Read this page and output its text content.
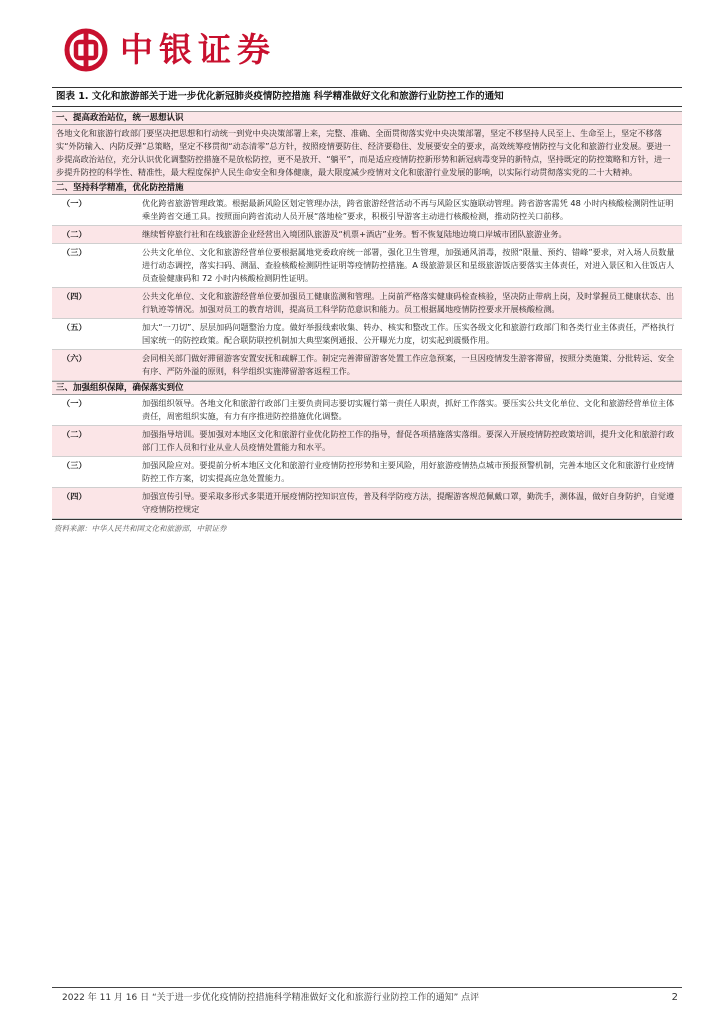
中银证券
图表 1. 文化和旅游部关于进一步优化新冠肺炎疫情防控措施 科学精准做好文化和旅游行业防控工作的通知
一、提高政治站位，统一思想认识
各地文化和旅游行政部门要坚决把思想和行动统一到党中央决策部署上来，完整、准确、全面贯彻落实党中央决策部署，坚定不移坚持人民至上、生命至上，坚定不移落实“外防输入、内防反弹”总策略，坚定不移贯彻“动态清零”总方针，按照疫情要防住、经济要稳住、发展要安全的要求，高效统筹疫情防控与文化和旅游行业发展。要进一步提高政治站位，充分认识优化调整防控措施不是放松防控，更不是放开、“躺平”，而是适应疫情防控新形势和新冠病毒变异的新特点，坚持既定的防控策略和方针，进一步提升防控的科学性、精准性，最大程度保护人民生命安全和身体健康，最大限度减少疫情对文化和旅游行业发展的影响，以实际行动贯彻落实党的二十大精神。
二、坚持科学精准，优化防控措施
（一）	优化跨省旅游管理政策。根据最新风险区划定管理办法，跨省旅游经营活动不再与风险区实施联动管理。跨省游客需凭 48 小时内核酸检测阴性证明乘坐跨省交通工具。按照面向跨省流动人员开展“落地检”要求，积极引导游客主动进行核酸检测，推动防控关口前移。
（二）	继续暂停旅行社和在线旅游企业经营出入境团队旅游及“机票+酒店”业务。暂不恢复陆地边境口岸城市团队旅游业务。
（三）	公共文化单位、文化和旅游经营单位要根据属地党委政府统一部署，强化卫生管理，加强通风消毒，按照“限量、预约、错峰”要求，对入场人员数量进行动态调控，落实扫码、测温、查验核酸检测阴性证明等疫情防控措施。A 级旅游景区和星级旅游饭店要落实主体责任，对进入景区和入住饭店人员查验健康码和 72 小时内核酸检测阴性证明。
（四）	公共文化单位、文化和旅游经营单位要加强员工健康监测和管理。上岗前严格落实健康码检查核验，坚决防止带病上岗，及时掌握员工健康状态、出行轨迹等情况。加强对员工的教育培训，提高员工科学防范意识和能力。员工根据属地疫情防控要求开展核酸检测。
（五）	加大“一刀切”、层层加码问题整治力度。做好举报线索收集、转办、核实和整改工作。压实各级文化和旅游行政部门和各类行业主体责任，严格执行国家统一的防控政策。配合联防联控机制加大典型案例通报、公开曝光力度，切实起到震慑作用。
（六）	会同相关部门做好滞留游客安置安抚和疏解工作。制定完善滞留游客处置工作应急预案，一旦因疫情发生游客滞留，按照分类施策、分批转运、安全有序、严防外溢的原则，科学组织实施滞留游客返程工作。
三、加强组织保障，确保落实到位
（一）	加强组织领导。各地文化和旅游行政部门主要负责同志要切实履行第一责任人职责，抓好工作落实。要压实公共文化单位、文化和旅游经营单位主体责任，周密组织实施，有力有序推进防控措施优化调整。
（二）	加强指导培训。要加强对本地区文化和旅游行业优化防控工作的指导，督促各项措施落实落细。要深入开展疫情防控政策培训，提升文化和旅游行政部门工作人员和行业从业人员疫情处置能力和水平。
（三）	加强风险应对。要提前分析本地区文化和旅游行业疫情防控形势和主要风险，用好旅游疫情热点城市预报预警机制，完善本地区文化和旅游行业疫情防控工作方案，切实提高应急处置能力。
（四）	加强宣传引导。要采取多形式多渠道开展疫情防控知识宣传，普及科学防疫方法，提醒游客规范佩戴口罩，勤洗手，测体温，做好自身防护，自觉遵守疫情防控规定
资料来源：中华人民共和国文化和旅游部，中银证券
2022 年 11 月 16 日 “关于进一步优化疫情防控措施科学精准做好文化和旅游行业防控工作的通知” 点评	2
